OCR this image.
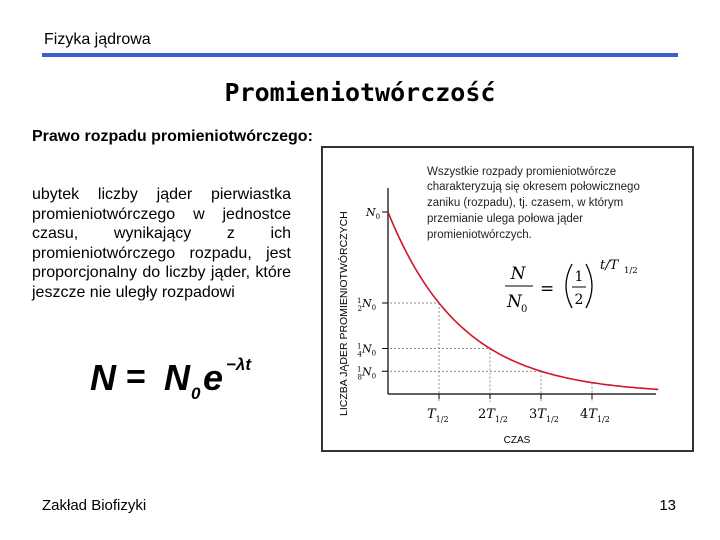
Fizyka jądrowa
Promieniotwórczość
Prawo rozpadu promieniotwórczego:
ubytek liczby jąder pierwiastka promieniotwórczego w jednostce czasu, wynikający z ich promieniotwórczego rozpadu, jest proporcjonalny do liczby jąder, które jeszcze nie uległy rozpadowi
N = N 0 e −λt	LICZBA JĄDER PROMIENIOTWÓRCZYCH
CZAS
Wszystkie rozpady promieniotwórcze charakteryzują się okresem połowicznego zaniku (rozpadu), tj. czasem, w którym przemianie ulega połowa jąder promieniotwórczych.
N
N 0
=
1
2
t/T 1/2
$N_0$
$^1$ $2N_0$
$^1$ $4N_0$
$^1$ $8N_0$
$T_{1/2}$ $2T_{1/2}$ $3T_{1/2}$ $4T_{1/2}$
Zakład Biofizyki	13
